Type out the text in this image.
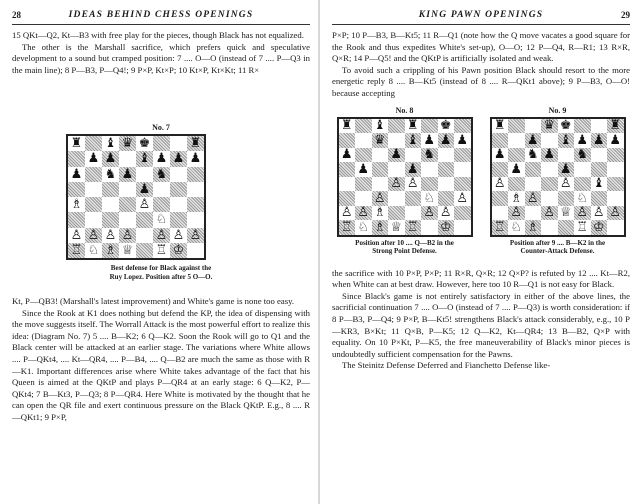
28	IDEAS BEHIND CHESS OPENINGS

15 QKt—Q2, Kt—B3 with free play for the pieces, though Black has not equalized.

The other is the Marshall sacrifice, which prefers quick and speculative development to a sound but cramped position: 7 .... O—O (instead of 7 .... P—Q3 in the main line); 8 P—B3, P—Q4!; 9 P×P, Kt×P; 10 Kt×P, Kt×Kt; 11 R×

No. 7
♜ ♝ ♛ ♚	♜
♟ ♟ ♝ ♟ ♟ ♟
♟ ♞ ♟ ♞
♟
♗	♙
♘
♙ ♙ ♙ ♙ ♙ ♙ ♙
♖ ♘ ♗ ♕ ♖ ♔
Best defense for Black against the
Ruy Lopez. Position after 5 O—O.

Kt, P—QB3! (Marshall's latest improvement) and White's game is none too easy.

Since the Rook at K1 does nothing but defend the KP, the idea of dispensing with the move suggests itself. The Worrall Attack is the most powerful effort to realize this idea: (Diagram No. 7) 5 .... B—K2; 6 Q—K2. Soon the Rook will go to Q1 and the Black center will be attacked at an earlier stage. The variations where White allows .... P—QKt4, .... Kt—QR4, .... P—B4, .... Q—B2 are much the same as those with R—K1. Important differences arise where White takes advantage of the fact that his Queen is aimed at the QKtP and plays P—QR4 at an early stage: 6 Q—K2, P—QKt4; 7 B—Kt3, P—Q3; 8 P—QR4. Here White is motivated by the thought that he can open the QR file and exert continuous pressure on the Black QKtP. E.g., 8 .... R—QKt1; 9 P×P,

KING PAWN OPENINGS	29

P×P; 10 P—B3, B—Kt5; 11 R—Q1 (note how the Q move vacates a good square for the Rook and thus expedites White's set-up), O—O; 12 P—Q4, R—R1; 13 R×R, Q×R; 14 P—Q5! and the QKtP is artificially isolated and weak.

To avoid such a crippling of his Pawn position Black should resort to the more energetic reply 8 .... B—Kt5 (instead of 8 .... R—QKt1 above); 9 P—B3, O—O! because accepting

No. 8
♜ ♝ ♜ ♚
♛ ♝ ♟ ♟ ♟
♟	♟ ♞
♟	♟
♙ ♙
♙	♘ ♙
♙ ♙ ♗	♙ ♙
♖ ♘ ♗ ♕ ♖ ♔
Position after 10 .... Q—B2 in the
Strong Point Defense.
No. 9
♜	♛ ♚	♜
♟ ♝ ♟ ♟ ♟
♟ ♞ ♟ ♞
♟	♟
♙	♙ ♝
♗ ♙	♘
♙ ♙ ♕ ♙ ♙ ♙
♖ ♘ ♗	♖ ♔
Position after 9 .... B—K2 in the
Counter-Attack Defense.

the sacrifice with 10 P×P, P×P; 11 R×R, Q×R; 12 Q×P? is refuted by 12 .... Kt—R2, when White can at best draw. However, here too 10 R—Q1 is not easy for Black.

Since Black's game is not entirely satisfactory in either of the above lines, the sacrificial continuation 7 .... O—O (instead of 7 .... P—Q3) is worth consideration: if 8 P—B3, P—Q4; 9 P×P, B—Kt5! strengthens Black's attack considerably, e.g., 10 P—KR3, B×Kt; 11 Q×B, P—K5; 12 Q—K2, Kt—QR4; 13 B—B2, Q×P with equality. On 10 P×Kt, P—K5, the free maneuverability of Black's minor pieces is undoubtedly sufficient compensation for the Pawns.

The Steinitz Defense Deferred and Fianchetto Defense like-
